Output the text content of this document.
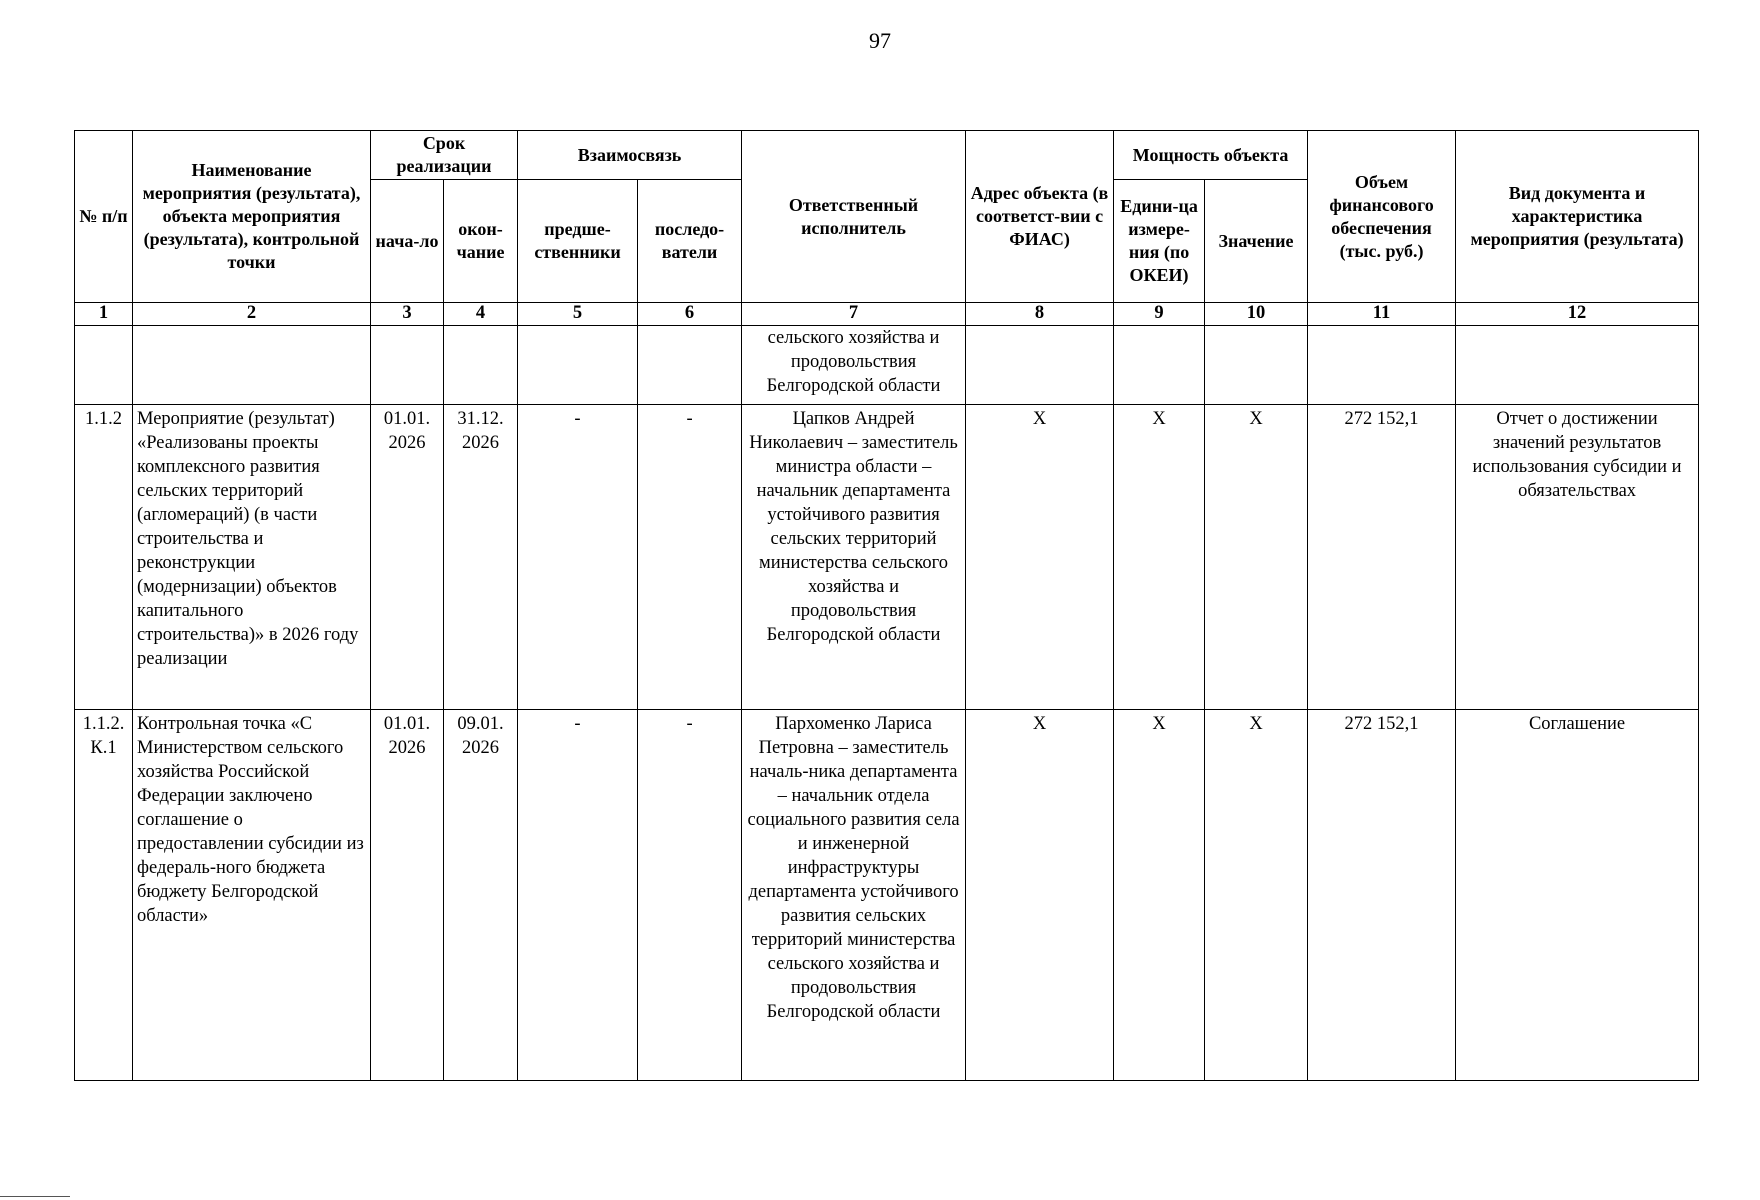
97
№ п/п	Наименование мероприятия (результата), объекта мероприятия (результата), контрольной точки	Срок реализации		Взаимосвязь		Ответственный исполнитель	Адрес объекта (в соответст-вии с ФИАС)	Мощность объекта		Объем финансового обеспечения (тыс. руб.)	Вид документа и характеристика мероприятия (результата)
		нача-ло	окон-чание	предше-ственники	последо-ватели			Едини-ца измере-ния (по ОКЕИ)	Значение		
1	2	3	4	5	6	7	8	9	10	11	12
						сельского хозяйства и продовольствия Белгородской области					
1.1.2	Мероприятие (результат) «Реализованы проекты комплексного развития сельских территорий (агломераций) (в части строительства и реконструкции (модернизации) объектов капитального строительства)» в 2026 году реализации	01.01. 2026	31.12. 2026	-	-	Цапков Андрей Николаевич – заместитель министра области – начальник департамента устойчивого развития сельских территорий министерства сельского хозяйства и продовольствия Белгородской области	X	X	X	272 152,1	Отчет о достижении значений результатов использования субсидии и обязательствах
1.1.2. К.1	Контрольная точка «С Министерством сельского хозяйства Российской Федерации заключено соглашение о предоставлении субсидии из федераль-ного бюджета бюджету Белгородской области»	01.01. 2026	09.01. 2026	-	-	Пархоменко Лариса Петровна – заместитель началь-ника департамента – начальник отдела социального развития села и инженерной инфраструктуры департамента устойчивого развития сельских территорий министерства сельского хозяйства и продовольствия Белгородской области	X	X	X	272 152,1	Соглашение
